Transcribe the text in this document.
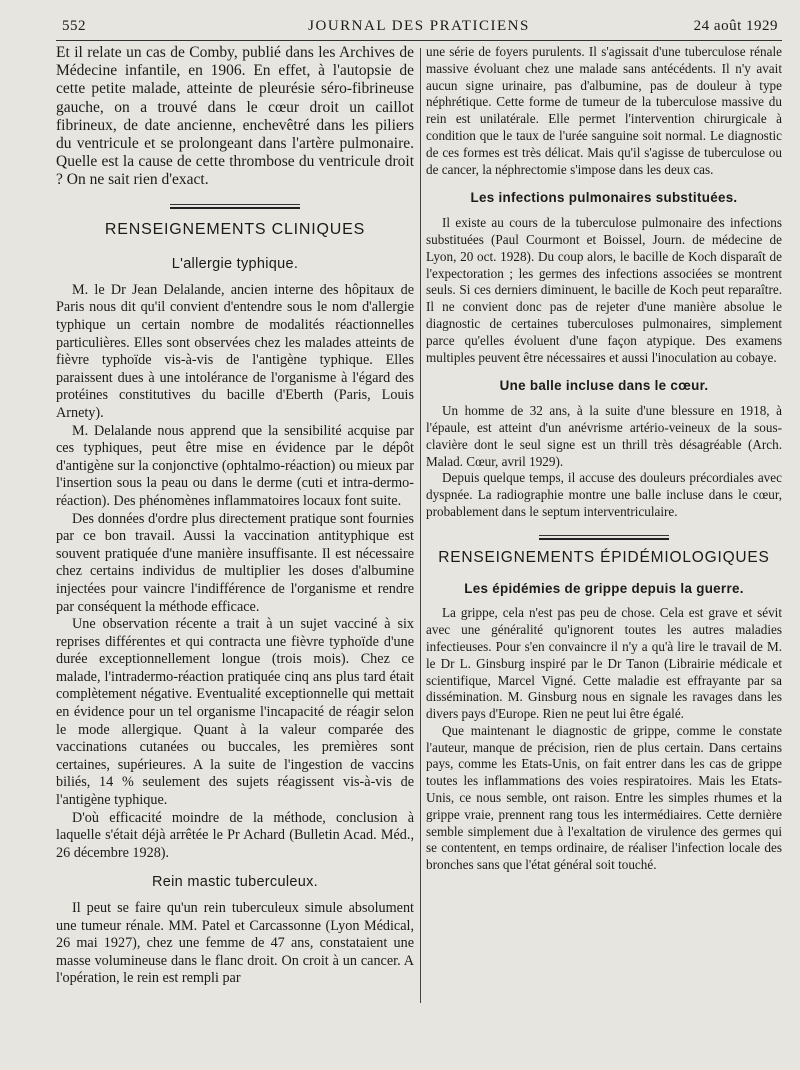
552	JOURNAL DES PRATICIENS	24 août 1929

Et il relate un cas de Comby, publié dans les Archives de Médecine infantile, en 1906. En effet, à l'autopsie de cette petite malade, atteinte de pleurésie séro-fibrineuse gauche, on a trouvé dans le cœur droit un caillot fibrineux, de date ancienne, enchevêtré dans les piliers du ventricule et se prolongeant dans l'artère pulmonaire. Quelle est la cause de cette thrombose du ventricule droit ? On ne sait rien d'exact.

RENSEIGNEMENTS CLINIQUES
L'allergie typhique.

M. le Dr Jean Delalande, ancien interne des hôpitaux de Paris nous dit qu'il convient d'entendre sous le nom d'allergie typhique un certain nombre de modalités réactionnelles particulières. Elles sont observées chez les malades atteints de fièvre typhoïde vis-à-vis de l'antigène typhique. Elles paraissent dues à une intolérance de l'organisme à l'égard des protéines constitutives du bacille d'Eberth (Paris, Louis Arnety).

M. Delalande nous apprend que la sensibilité acquise par ces typhiques, peut être mise en évidence par le dépôt d'antigène sur la conjonctive (ophtalmo-réaction) ou mieux par l'insertion sous la peau ou dans le derme (cuti et intra-dermo-réaction). Des phénomènes inflammatoires locaux font suite.

Des données d'ordre plus directement pratique sont fournies par ce bon travail. Aussi la vaccination antityphique est souvent pratiquée d'une manière insuffisante. Il est nécessaire chez certains individus de multiplier les doses d'albumine injectées pour vaincre l'indifférence de l'organisme et rendre par conséquent la méthode efficace.

Une observation récente a trait à un sujet vacciné à six reprises différentes et qui contracta une fièvre typhoïde d'une durée exceptionnellement longue (trois mois). Chez ce malade, l'intradermo-réaction pratiquée cinq ans plus tard était complètement négative. Eventualité exceptionnelle qui mettait en évidence pour un tel organisme l'incapacité de réagir selon le mode allergique. Quant à la valeur comparée des vaccinations cutanées ou buccales, les premières sont certaines, supérieures. A la suite de l'ingestion de vaccins biliés, 14 % seulement des sujets réagissent vis-à-vis de l'antigène typhique.

D'où efficacité moindre de la méthode, conclusion à laquelle s'était déjà arrêtée le Pr Achard (Bulletin Acad. Méd., 26 décembre 1928).

Rein mastic tuberculeux.

Il peut se faire qu'un rein tuberculeux simule absolument une tumeur rénale. MM. Patel et Carcassonne (Lyon Médical, 26 mai 1927), chez une femme de 47 ans, constataient une masse volumineuse dans le flanc droit. On croit à un cancer. A l'opération, le rein est rempli par

une série de foyers purulents. Il s'agissait d'une tuberculose rénale massive évoluant chez une malade sans antécédents. Il n'y avait aucun signe urinaire, pas d'albumine, pas de douleur à type néphrétique. Cette forme de tumeur de la tuberculose massive du rein est unilatérale. Elle permet l'intervention chirurgicale à condition que le taux de l'urée sanguine soit normal. Le diagnostic de ces formes est très délicat. Mais qu'il s'agisse de tuberculose ou de cancer, la néphrectomie s'impose dans les deux cas.

Les infections pulmonaires substituées.

Il existe au cours de la tuberculose pulmonaire des infections substituées (Paul Courmont et Boissel, Journ. de médecine de Lyon, 20 oct. 1928). Du coup alors, le bacille de Koch disparaît de l'expectoration ; les germes des infections associées se montrent seuls. Si ces derniers diminuent, le bacille de Koch peut reparaître. Il ne convient donc pas de rejeter d'une manière absolue le diagnostic de certaines tuberculoses pulmonaires, simplement parce qu'elles évoluent d'une façon atypique. Des examens multiples peuvent être nécessaires et aussi l'inoculation au cobaye.

Une balle incluse dans le cœur.

Un homme de 32 ans, à la suite d'une blessure en 1918, à l'épaule, est atteint d'un anévrisme artério-veineux de la sous-clavière dont le seul signe est un thrill très désagréable (Arch. Malad. Cœur, avril 1929).

Depuis quelque temps, il accuse des douleurs précordiales avec dyspnée. La radiographie montre une balle incluse dans le cœur, probablement dans le septum interventriculaire.

RENSEIGNEMENTS ÉPIDÉMIOLOGIQUES
Les épidémies de grippe depuis la guerre.

La grippe, cela n'est pas peu de chose. Cela est grave et sévit avec une généralité qu'ignorent toutes les autres maladies infectieuses. Pour s'en convaincre il n'y a qu'à lire le travail de M. le Dr L. Ginsburg inspiré par le Dr Tanon (Librairie médicale et scientifique, Marcel Vigné. Cette maladie est effrayante par sa dissémination. M. Ginsburg nous en signale les ravages dans les divers pays d'Europe. Rien ne peut lui être égalé.

Que maintenant le diagnostic de grippe, comme le constate l'auteur, manque de précision, rien de plus certain. Dans certains pays, comme les Etats-Unis, on fait entrer dans les cas de grippe toutes les inflammations des voies respiratoires. Mais les Etats-Unis, ce nous semble, ont raison. Entre les simples rhumes et la grippe vraie, prennent rang tous les intermédiaires. Cette dernière semble simplement due à l'exaltation de virulence des germes qui se contentent, en temps ordinaire, de réaliser l'infection locale des bronches sans que l'état général soit touché.
